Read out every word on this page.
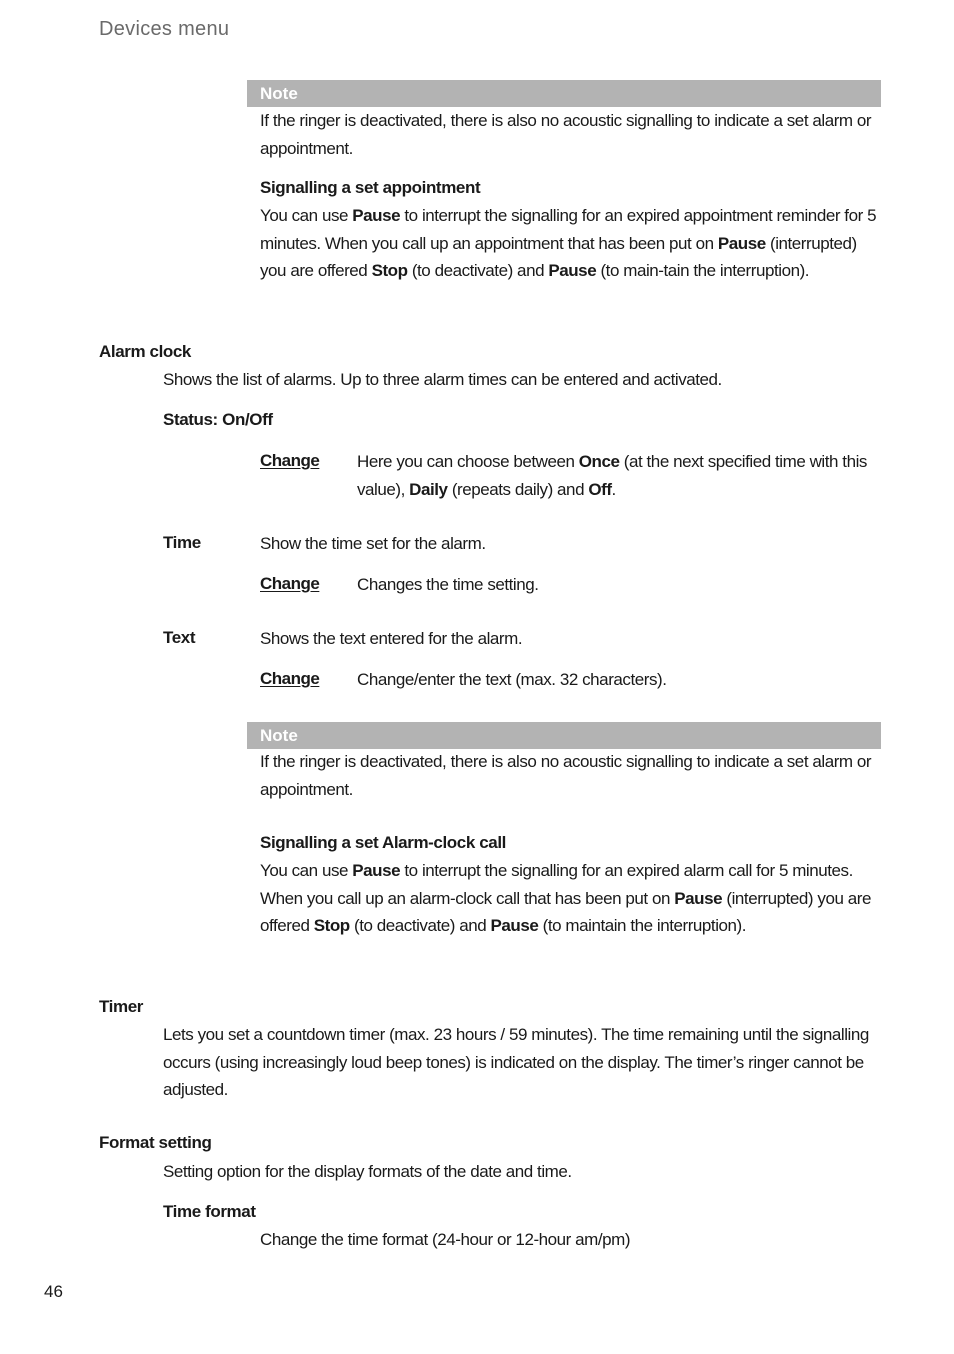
Devices menu
Note
If the ringer is deactivated, there is also no acoustic signalling to indicate a set alarm or appointment.
Signalling a set appointment
You can use Pause to interrupt the signalling for an expired appointment reminder for 5 minutes. When you call up an appointment that has been put on Pause (interrupted) you are offered Stop (to deactivate) and Pause (to main-tain the interruption).
Alarm clock
Shows the list of alarms. Up to three alarm times can be entered and activated.
Status: On/Off
Change Here you can choose between Once (at the next specified time with this value), Daily (repeats daily) and Off.
Time	Show the time set for the alarm.
Change Changes the time setting.
Text	Shows the text entered for the alarm.
Change Change/enter the text (max. 32 characters).
Note
If the ringer is deactivated, there is also no acoustic signalling to indicate a set alarm or appointment.
Signalling a set Alarm-clock call
You can use Pause to interrupt the signalling for an expired alarm call for 5 minutes. When you call up an alarm-clock call that has been put on Pause (interrupted) you are offered Stop (to deactivate) and Pause (to maintain the interruption).
Timer
Lets you set a countdown timer (max. 23 hours / 59 minutes). The time remaining until the signalling occurs (using increasingly loud beep tones) is indicated on the display. The timer’s ringer cannot be adjusted.
Format setting
Setting option for the display formats of the date and time.
Time format
Change the time format (24-hour or 12-hour am/pm)
46
